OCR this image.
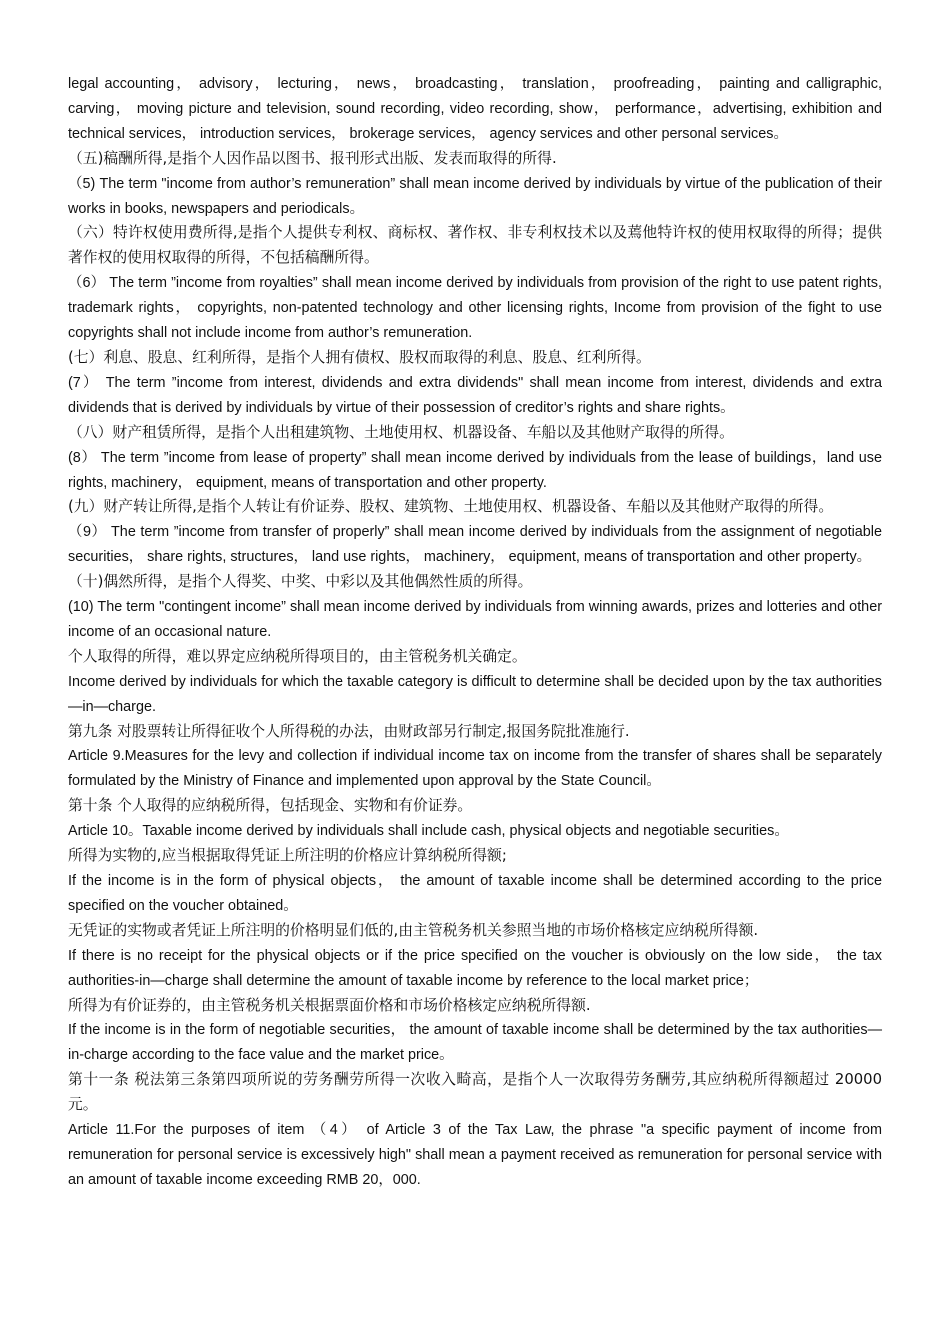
legal accounting， advisory， lecturing， news， broadcasting， translation， proofreading， painting and calligraphic, carving， moving picture and television, sound recording, video recording, show， performance，advertising, exhibition and technical services， introduction services， brokerage services， agency services and other personal services。

（五)稿酬所得,是指个人因作品以图书、报刊形式出版、发表而取得的所得.

（5) The term "income from author’s remuneration” shall mean income derived by individuals by virtue of the publication of their works in books, newspapers and periodicals。

（六）特许权使用费所得,是指个人提供专利权、商标权、著作权、非专利权技术以及蔫他特许权的使用权取得的所得；提供著作权的使用权取得的所得，不包括稿酬所得。

（6） The term ”income from royalties” shall mean income derived by individuals from provision of the right to use patent rights, trademark rights， copyrights, non-patented technology and other licensing rights, Income from provision of the fight to use copyrights shall not include income from author’s remuneration.

(七）利息、股息、红利所得，是指个人拥有债权、股权而取得的利息、股息、红利所得。

(7） The term ”income from interest, dividends and extra dividends" shall mean income from interest, dividends and extra dividends that is derived by individuals by virtue of their possession of creditor’s rights and share rights。

（八）财产租赁所得，是指个人出租建筑物、土地使用权、机器设备、车船以及其他财产取得的所得。

(8） The term ”income from lease of property” shall mean income derived by individuals from the lease of buildings，land use rights, machinery， equipment, means of transportation and other property.

(九）财产转让所得,是指个人转让有价证券、股权、建筑物、土地使用权、机器设备、车船以及其他财产取得的所得。

（9） The term ”income from transfer of properly” shall mean income derived by individuals from the assignment of negotiable securities， share rights, structures， land use rights， machinery， equipment, means of transportation and other property。

（十)偶然所得，是指个人得奖、中奖、中彩以及其他偶然性质的所得。

(10) The term "contingent income” shall mean income derived by individuals from winning awards, prizes and lotteries and other income of an occasional nature.

个人取得的所得，难以界定应纳税所得项目的，由主管税务机关确定。

Income derived by individuals for which the taxable category is difficult to determine shall be decided upon by the tax authorities—in—charge.

第九条 对股票转让所得征收个人所得税的办法，由财政部另行制定,报国务院批准施行.

Article 9.Measures for the levy and collection if individual income tax on income from the transfer of shares shall be separately formulated by the Ministry of Finance and implemented upon approval by the State Council。

第十条 个人取得的应纳税所得，包括现金、实物和有价证券。

Article 10。Taxable income derived by individuals shall include cash, physical objects and negotiable securities。

所得为实物的,应当根据取得凭证上所注明的价格应计算纳税所得额;

If the income is in the form of physical objects， the amount of taxable income shall be determined according to the price specified on the voucher obtained。

无凭证的实物或者凭证上所注明的价格明显们低的,由主管税务机关参照当地的市场价格核定应纳税所得额.

If there is no receipt for the physical objects or if the price specified on the voucher is obviously on the low side， the tax authorities-in—charge shall determine the amount of taxable income by reference to the local market price；

所得为有价证券的，由主管税务机关根据票面价格和市场价格核定应纳税所得额.

If the income is in the form of negotiable securities， the amount of taxable income shall be determined by the tax authorities—in-charge according to the face value and the market price。

第十一条 税法第三条第四项所说的劳务酬劳所得一次收入畸高，是指个人一次取得劳务酬劳,其应纳税所得额超过 20000 元。

Article 11.For the purposes of item （4） of Article 3 of the Tax Law, the phrase "a specific payment of income from remuneration for personal service is excessively high" shall mean a payment received as remuneration for personal service with an amount of taxable income exceeding RMB 20，000.
